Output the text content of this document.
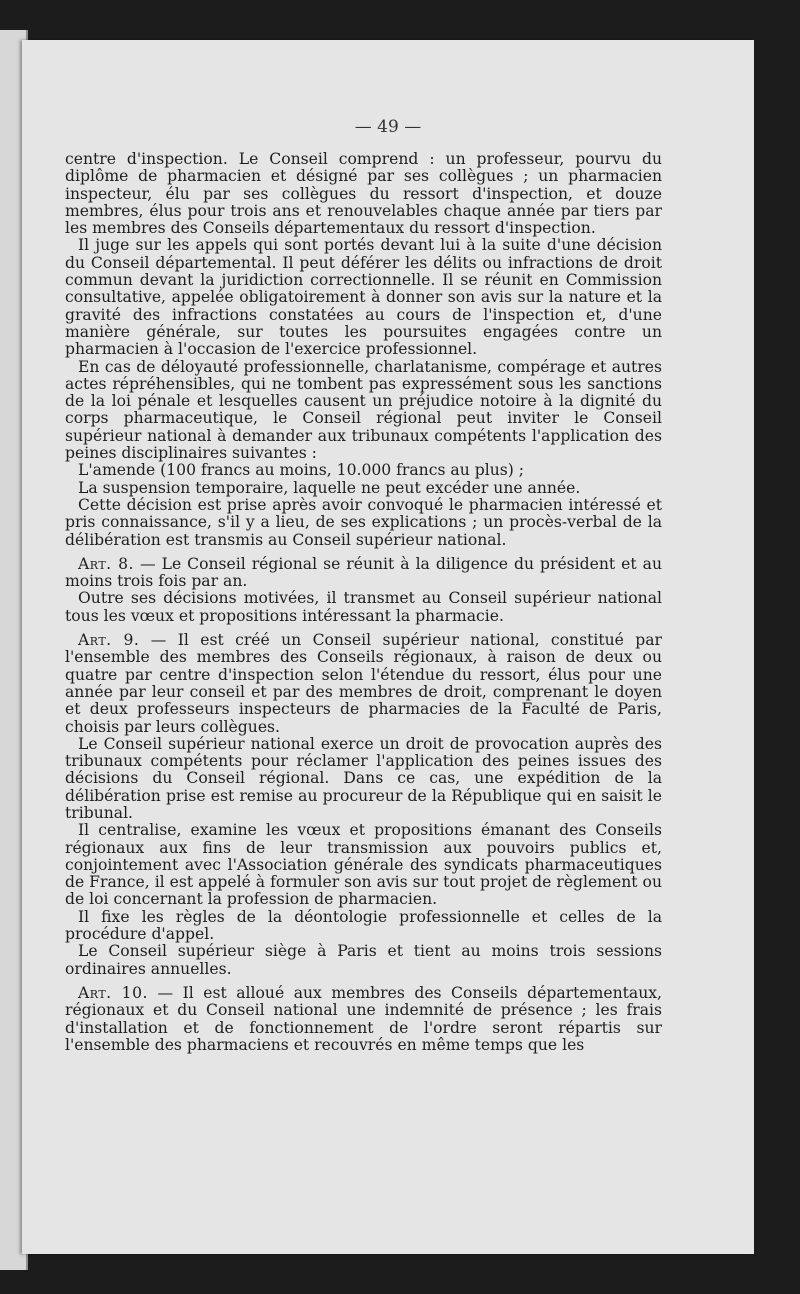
— 49 —

centre d'inspection. Le Conseil comprend : un professeur, pourvu du diplôme de pharmacien et désigné par ses collègues ; un pharmacien inspecteur, élu par ses collègues du ressort d'inspection, et douze membres, élus pour trois ans et renouvelables chaque année par tiers par les membres des Conseils départementaux du ressort d'inspection.

Il juge sur les appels qui sont portés devant lui à la suite d'une décision du Conseil départemental. Il peut déférer les délits ou infractions de droit commun devant la juridiction correctionnelle. Il se réunit en Commission consultative, appelée obligatoirement à donner son avis sur la nature et la gravité des infractions constatées au cours de l'inspection et, d'une manière générale, sur toutes les poursuites engagées contre un pharmacien à l'occasion de l'exercice professionnel.

En cas de déloyauté professionnelle, charlatanisme, compérage et autres actes répréhensibles, qui ne tombent pas expressément sous les sanctions de la loi pénale et lesquelles causent un préjudice notoire à la dignité du corps pharmaceutique, le Conseil régional peut inviter le Conseil supérieur national à demander aux tribunaux compétents l'application des peines disciplinaires suivantes :

L'amende (100 francs au moins, 10.000 francs au plus) ;

La suspension temporaire, laquelle ne peut excéder une année.

Cette décision est prise après avoir convoqué le pharmacien intéressé et pris connaissance, s'il y a lieu, de ses explications ; un procès-verbal de la délibération est transmis au Conseil supérieur national.

Art. 8. — Le Conseil régional se réunit à la diligence du président et au moins trois fois par an.

Outre ses décisions motivées, il transmet au Conseil supérieur national tous les vœux et propositions intéressant la pharmacie.

Art. 9. — Il est créé un Conseil supérieur national, constitué par l'ensemble des membres des Conseils régionaux, à raison de deux ou quatre par centre d'inspection selon l'étendue du ressort, élus pour une année par leur conseil et par des membres de droit, comprenant le doyen et deux professeurs inspecteurs de pharmacies de la Faculté de Paris, choisis par leurs collègues.

Le Conseil supérieur national exerce un droit de provocation auprès des tribunaux compétents pour réclamer l'application des peines issues des décisions du Conseil régional. Dans ce cas, une expédition de la délibération prise est remise au procureur de la République qui en saisit le tribunal.

Il centralise, examine les vœux et propositions émanant des Conseils régionaux aux fins de leur transmission aux pouvoirs publics et, conjointement avec l'Association générale des syndicats pharmaceutiques de France, il est appelé à formuler son avis sur tout projet de règlement ou de loi concernant la profession de pharmacien.

Il fixe les règles de la déontologie professionnelle et celles de la procédure d'appel.

Le Conseil supérieur siège à Paris et tient au moins trois sessions ordinaires annuelles.

Art. 10. — Il est alloué aux membres des Conseils départementaux, régionaux et du Conseil national une indemnité de présence ; les frais d'installation et de fonctionnement de l'ordre seront répartis sur l'ensemble des pharmaciens et recouvrés en même temps que les
